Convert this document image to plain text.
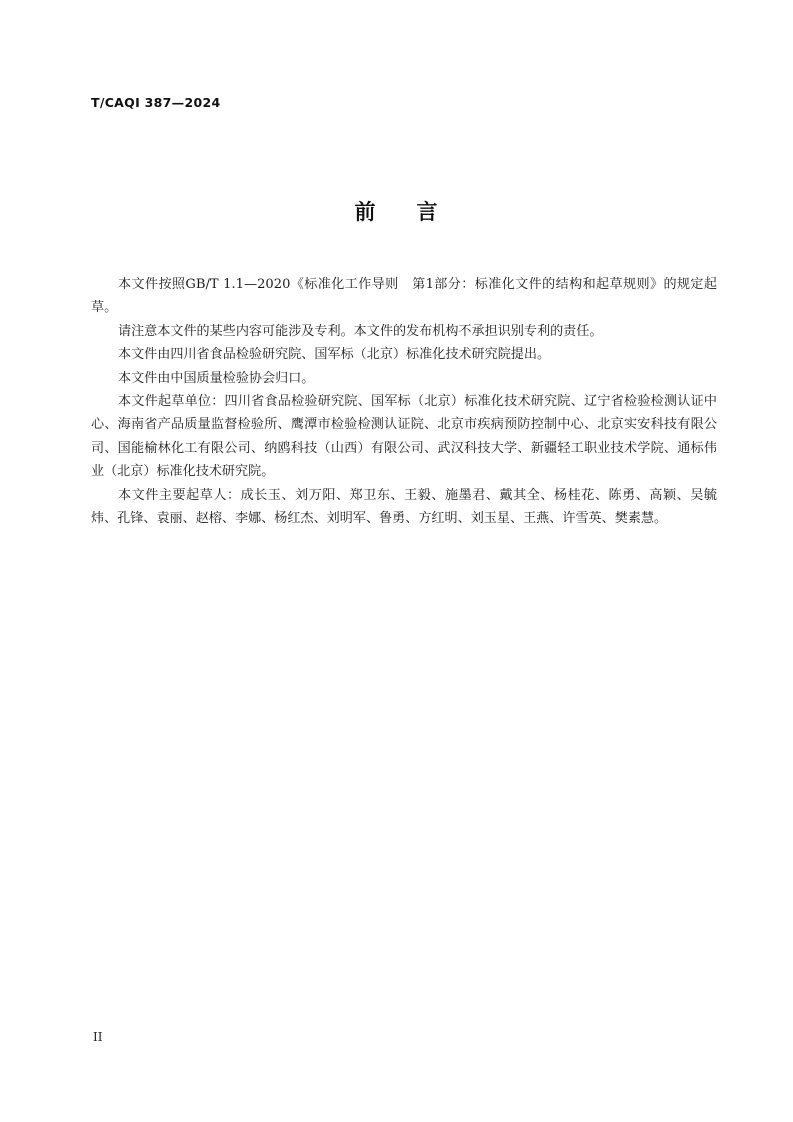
T/CAQI 387—2024
前 言

本文件按照GB/T 1.1—2020《标准化工作导则　第1部分：标准化文件的结构和起草规则》的规定起草。

请注意本文件的某些内容可能涉及专利。本文件的发布机构不承担识别专利的责任。

本文件由四川省食品检验研究院、国军标（北京）标准化技术研究院提出。

本文件由中国质量检验协会归口。

本文件起草单位：四川省食品检验研究院、国军标（北京）标准化技术研究院、辽宁省检验检测认证中心、海南省产品质量监督检验所、鹰潭市检验检测认证院、北京市疾病预防控制中心、北京实安科技有限公司、国能榆林化工有限公司、纳鸥科技（山西）有限公司、武汉科技大学、新疆轻工职业技术学院、通标伟业（北京）标准化技术研究院。

本文件主要起草人：成长玉、刘万阳、郑卫东、王毅、施墨君、戴其全、杨桂花、陈勇、高颖、吴毓炜、孔锋、袁丽、赵榕、李娜、杨红杰、刘明军、鲁勇、方红明、刘玉星、王燕、许雪英、樊素慧。

II
